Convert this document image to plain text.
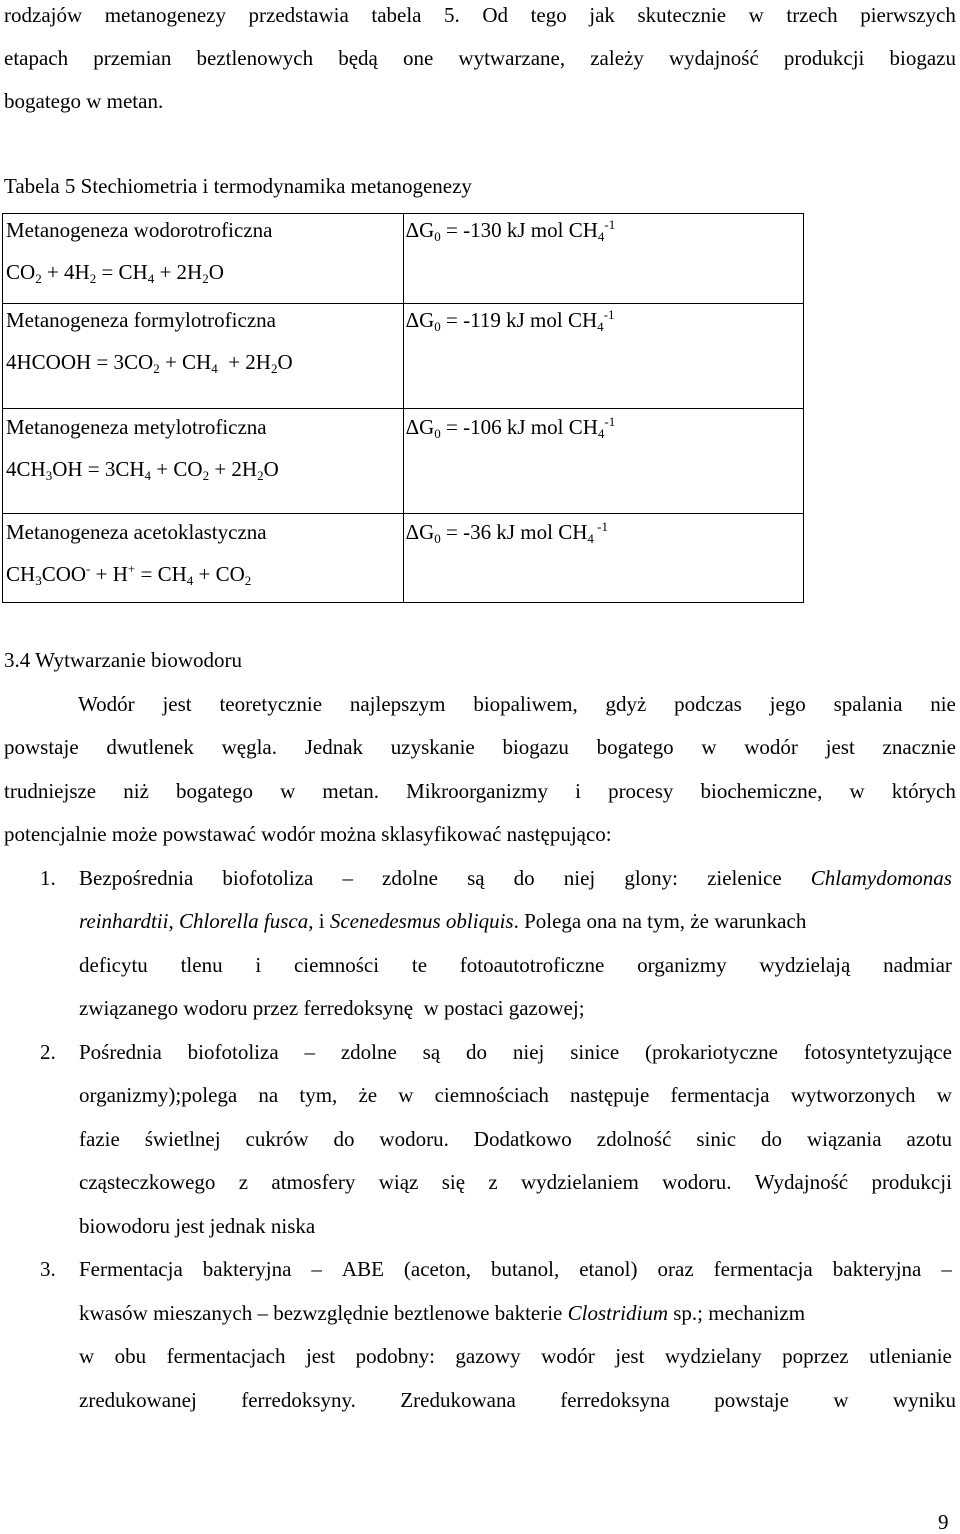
rodzajów metanogenezy przedstawia tabela 5. Od tego jak skutecznie w trzech pierwszych
etapach przemian beztlenowych będą one wytwarzane, zależy wydajność produkcji biogazu
bogatego w metan.
Tabela 5 Stechiometria i termodynamika metanogenezy
Metanogeneza wodorotroficzna
$CO_2 + 4H_2 = CH_4 + 2H_2O$	$\Delta G_0 = -130$ kJ mol $CH_4^{-1}$

Metanogeneza formylotroficzna
4HCOOH = $3CO_2 + CH_4 + 2H_2O$	$\Delta G_0 = -119$ kJ mol $CH_4^{-1}$

Metanogeneza metylotroficzna
$4CH_3OH = 3CH_4 + CO_2 + 2H_2O$	$\Delta G_0 = -106$ kJ mol $CH_4^{-1}$

Metanogeneza acetoklastyczna
$CH_3COO^- + H^+ = CH_4 + CO_2$	$\Delta G_0 = -36$ kJ mol $CH_4$ $^{-1}$
3.4 Wytwarzanie biowodoru
Wodór jest teoretycznie najlepszym biopaliwem, gdyż podczas jego spalania nie
powstaje dwutlenek węgla. Jednak uzyskanie biogazu bogatego w wodór jest znacznie
trudniejsze niż bogatego w metan. Mikroorganizmy i procesy biochemiczne, w których
potencjalnie może powstawać wodór można sklasyfikować następująco:
1. Bezpośrednia biofotoliza – zdolne są do niej glony: zielenice Chlamydomonas
reinhardtii, Chlorella fusca, i Scenedesmus obliquis. Polega ona na tym, że warunkach
deficytu tlenu i ciemności te fotoautotroficzne organizmy wydzielają nadmiar
związanego wodoru przez ferredoksynę  w postaci gazowej;
2. Pośrednia biofotoliza – zdolne są do niej sinice (prokariotyczne fotosyntetyzujące
organizmy);polega na tym, że w ciemnościach następuje fermentacja wytworzonych w
fazie świetlnej cukrów do wodoru. Dodatkowo zdolność sinic do wiązania azotu
cząsteczkowego z atmosfery wiąz się z wydzielaniem wodoru. Wydajność produkcji
biowodoru jest jednak niska
3. Fermentacja bakteryjna – ABE (aceton, butanol, etanol) oraz fermentacja bakteryjna –
kwasów mieszanych – bezwzględnie beztlenowe bakterie Clostridium sp.; mechanizm
w obu fermentacjach jest podobny: gazowy wodór jest wydzielany poprzez utlenianie
zredukowanej ferredoksyny. Zredukowana ferredoksyna powstaje w wyniku
9
